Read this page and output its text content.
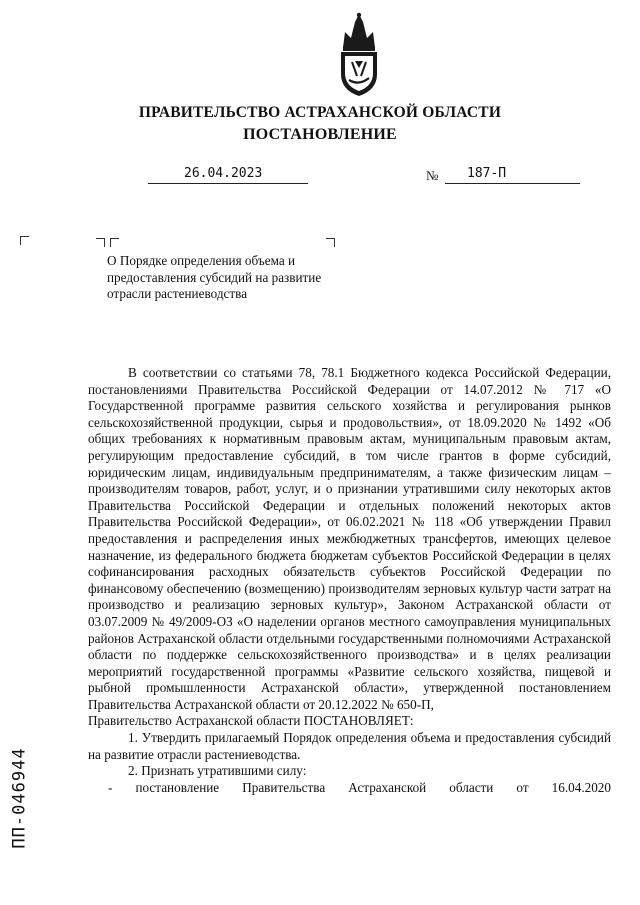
ПРАВИТЕЛЬСТВО АСТРАХАНСКОЙ ОБЛАСТИ
ПОСТАНОВЛЕНИЕ
26.04.2023	№ 187-П
О Порядке определения объема и предоставления субсидий на развитие отрасли растениеводства

В соответствии со статьями 78, 78.1 Бюджетного кодекса Российской Федерации, постановлениями Правительства Российской Федерации от 14.07.2012 № 717 «О Государственной программе развития сельского хозяйства и регулирования рынков сельскохозяйственной продукции, сырья и продовольствия», от 18.09.2020 № 1492 «Об общих требованиях к нормативным правовым актам, муниципальным правовым актам, регулирующим предоставление субсидий, в том числе грантов в форме субсидий, юридическим лицам, индивидуальным предпринимателям, а также физическим лицам – производителям товаров, работ, услуг, и о признании утратившими силу некоторых актов Правительства Российской Федерации и отдельных положений некоторых актов Правительства Российской Федерации», от 06.02.2021 № 118 «Об утверждении Правил предоставления и распределения иных межбюджетных трансфертов, имеющих целевое назначение, из федерального бюджета бюджетам субъектов Российской Федерации в целях софинансирования расходных обязательств субъектов Российской Федерации по финансовому обеспечению (возмещению) производителям зерновых культур части затрат на производство и реализацию зерновых культур», Законом Астраханской области от 03.07.2009 № 49/2009-ОЗ «О наделении органов местного самоуправления муниципальных районов Астраханской области отдельными государственными полномочиями Астраханской области по поддержке сельскохозяйственного производства» и в целях реализации мероприятий государственной программы «Развитие сельского хозяйства, пищевой и рыбной промышленности Астраханской области», утвержденной постановлением Правительства Астраханской области от 20.12.2022 № 650-П,

Правительство Астраханской области ПОСТАНОВЛЯЕТ:

1. Утвердить прилагаемый Порядок определения объема и предоставления субсидий на развитие отрасли растениеводства.

2. Признать утратившими силу:

- постановление Правительства Астраханской области от 16.04.2020

ПП-046944
